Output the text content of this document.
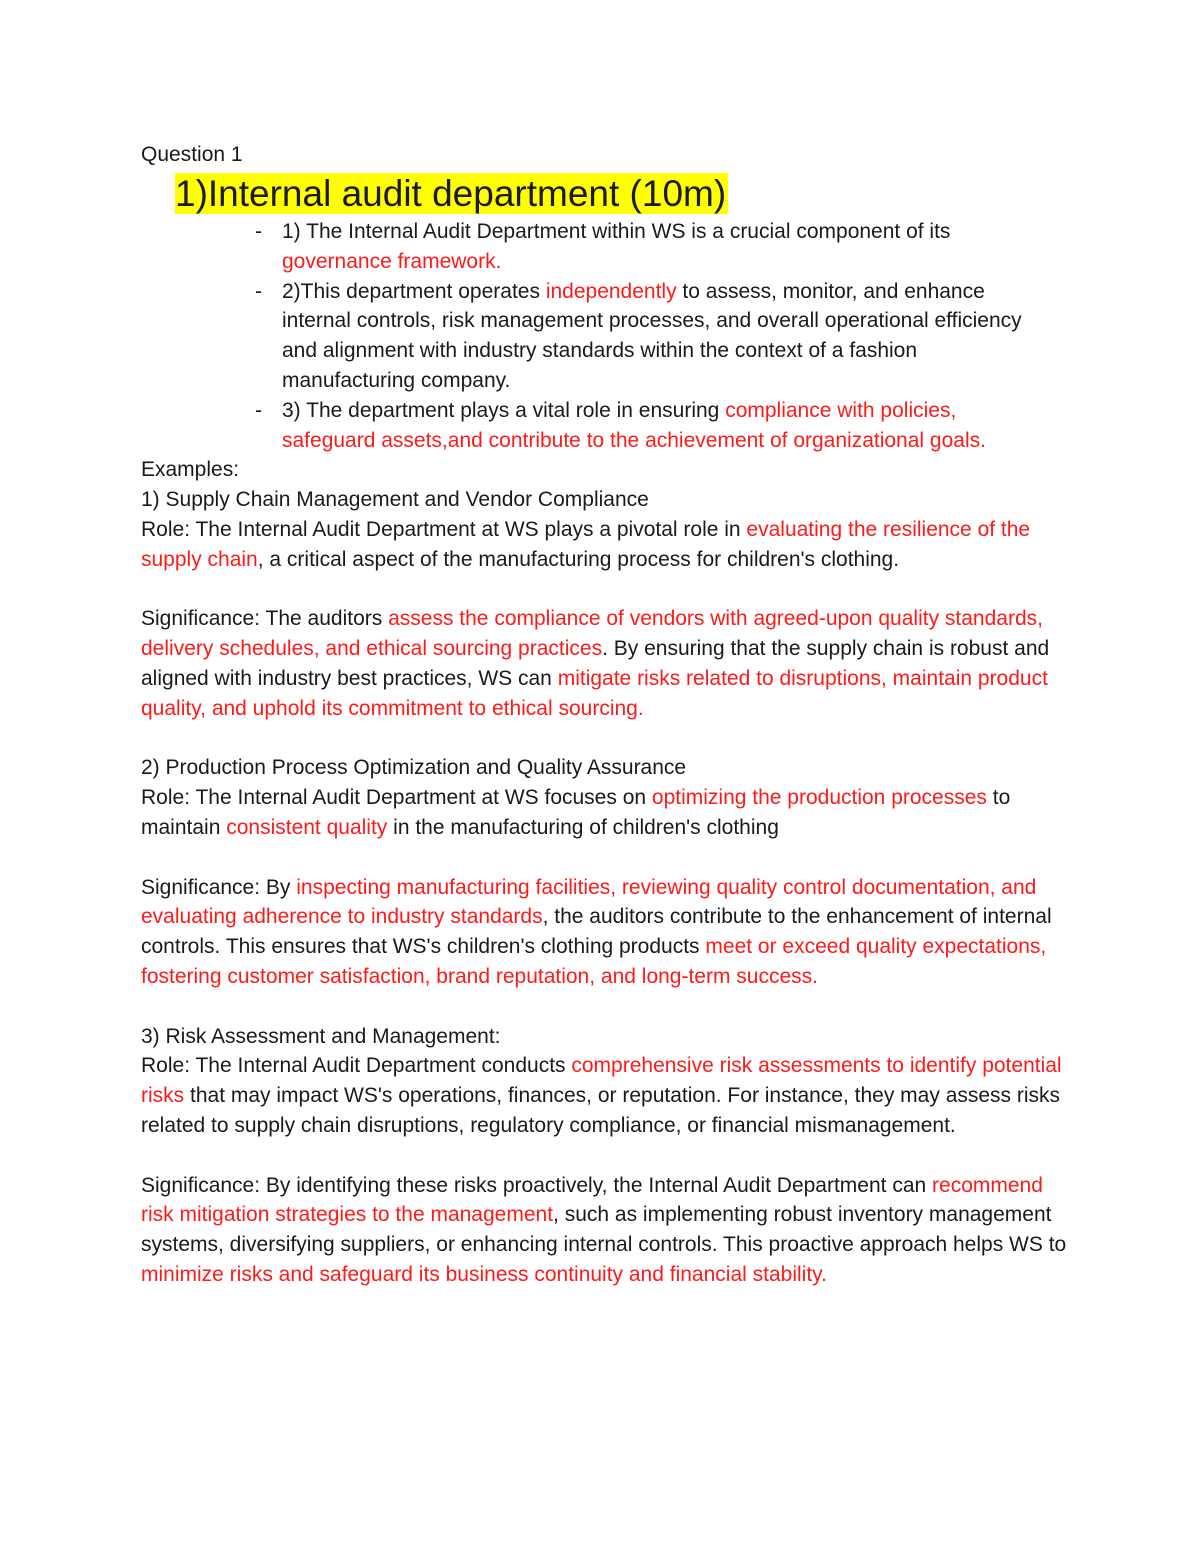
Question 1

1)Internal audit department (10m)
- 1) The Internal Audit Department within WS is a crucial component of its governance framework.
- 2)This department operates independently to assess, monitor, and enhance internal controls, risk management processes, and overall operational efficiency and alignment with industry standards within the context of a fashion manufacturing company.
- 3) The department plays a vital role in ensuring compliance with policies, safeguard assets,and contribute to the achievement of organizational goals.

Examples:

1) Supply Chain Management and Vendor Compliance

Role: The Internal Audit Department at WS plays a pivotal role in evaluating the resilience of the supply chain, a critical aspect of the manufacturing process for children's clothing.

Significance: The auditors assess the compliance of vendors with agreed-upon quality standards, delivery schedules, and ethical sourcing practices. By ensuring that the supply chain is robust and aligned with industry best practices, WS can mitigate risks related to disruptions, maintain product quality, and uphold its commitment to ethical sourcing.

2) Production Process Optimization and Quality Assurance

Role: The Internal Audit Department at WS focuses on optimizing the production processes to maintain consistent quality in the manufacturing of children's clothing

Significance: By inspecting manufacturing facilities, reviewing quality control documentation, and evaluating adherence to industry standards, the auditors contribute to the enhancement of internal controls. This ensures that WS's children's clothing products meet or exceed quality expectations, fostering customer satisfaction, brand reputation, and long-term success.

3) Risk Assessment and Management:

Role: The Internal Audit Department conducts comprehensive risk assessments to identify potential risks that may impact WS's operations, finances, or reputation. For instance, they may assess risks related to supply chain disruptions, regulatory compliance, or financial mismanagement.

Significance: By identifying these risks proactively, the Internal Audit Department can recommend risk mitigation strategies to the management, such as implementing robust inventory management systems, diversifying suppliers, or enhancing internal controls. This proactive approach helps WS to minimize risks and safeguard its business continuity and financial stability.
